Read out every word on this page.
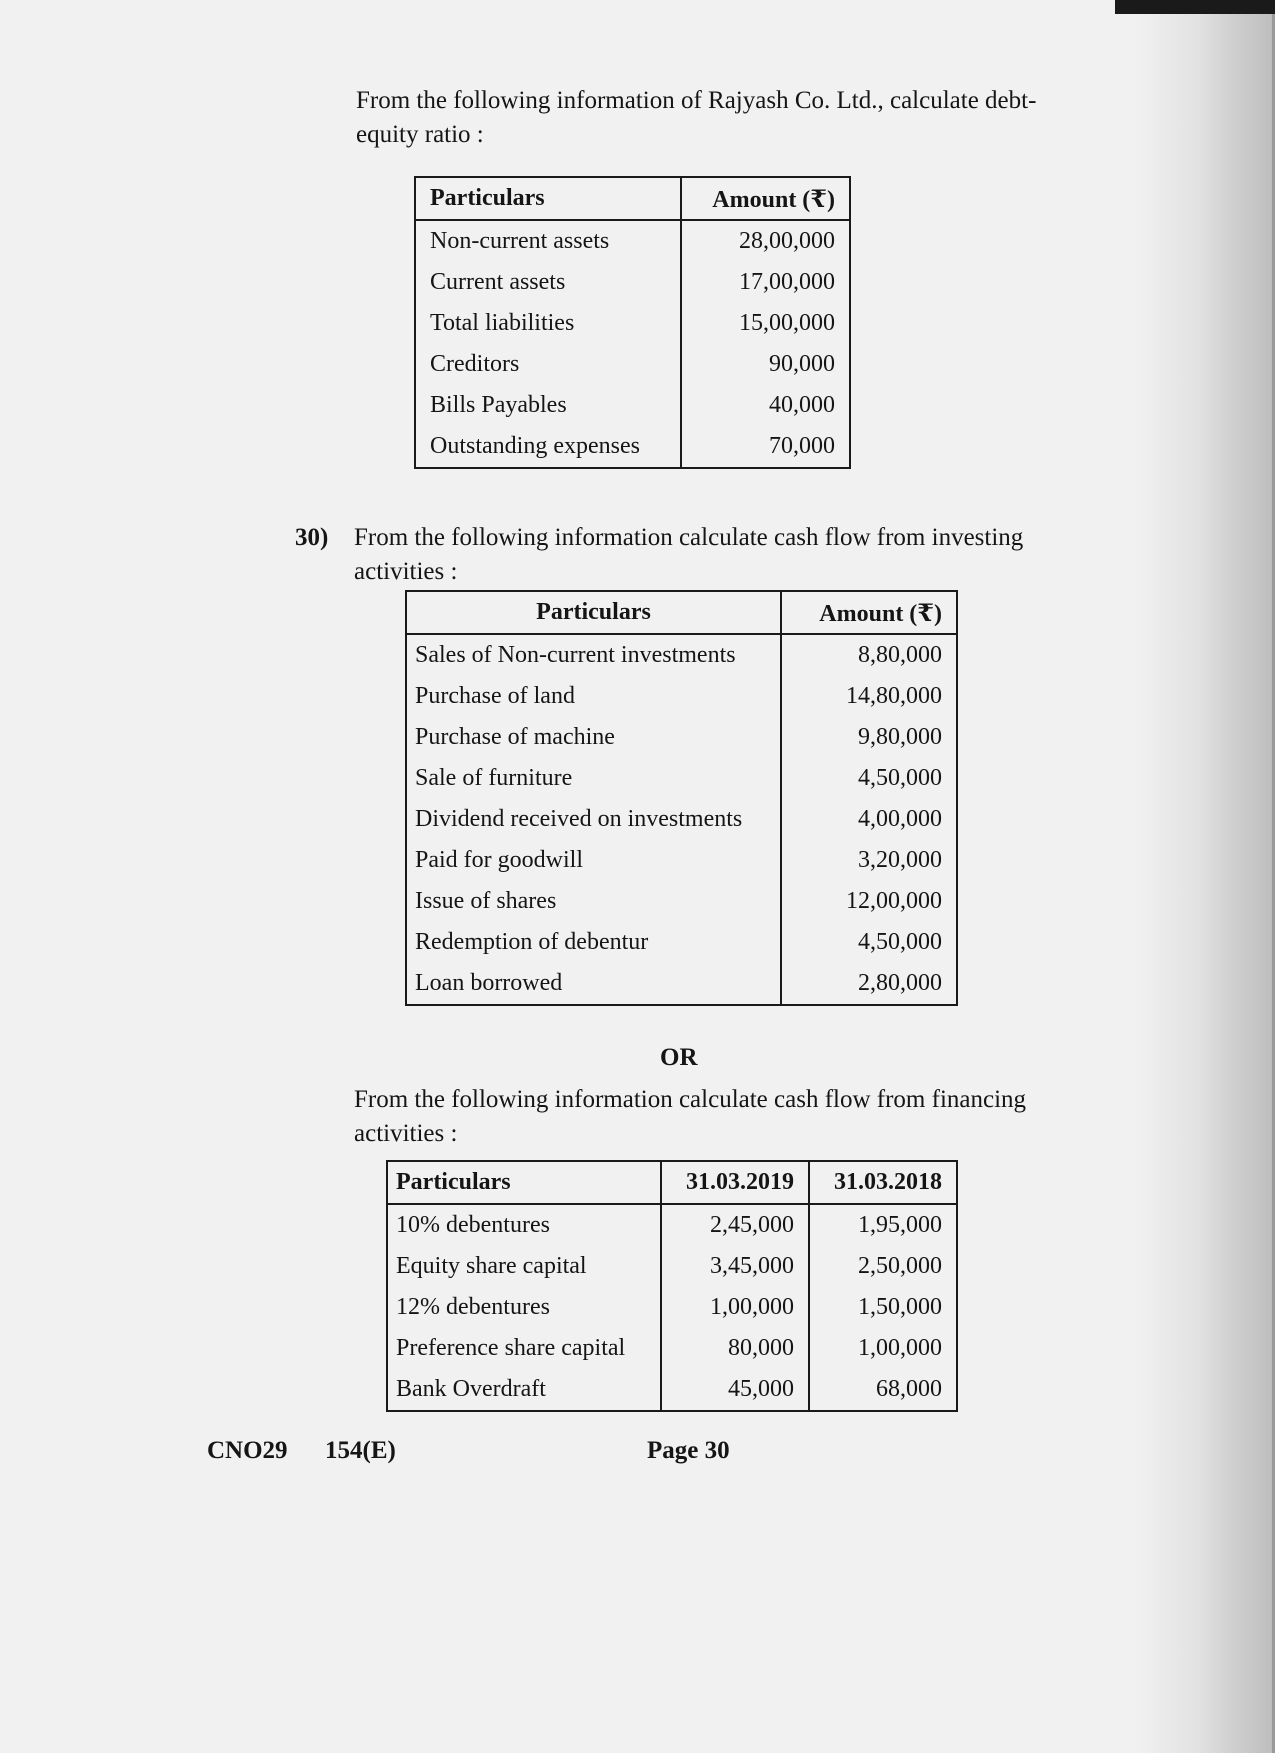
From the following information of Rajyash Co. Ltd., calculate debt-equity ratio :

Particulars	Amount (₹)
Non-current assets	28,00,000
Current assets	17,00,000
Total liabilities	15,00,000
Creditors	90,000
Bills Payables	40,000
Outstanding expenses	70,000
30) From the following information calculate cash flow from investing activities :

Particulars	Amount (₹)
Sales of Non-current investments	8,80,000
Purchase of land	14,80,000
Purchase of machine	9,80,000
Sale of furniture	4,50,000
Dividend received on investments	4,00,000
Paid for goodwill	3,20,000
Issue of shares	12,00,000
Redemption of debentur	4,50,000
Loan borrowed	2,80,000
OR

From the following information calculate cash flow from financing activities :

Particulars	31.03.2019	31.03.2018
10% debentures	2,45,000	1,95,000
Equity share capital	3,45,000	2,50,000
12% debentures	1,00,000	1,50,000
Preference share capital	80,000	1,00,000
Bank Overdraft	45,000	68,000
CNO29 154(E)	Page 30
